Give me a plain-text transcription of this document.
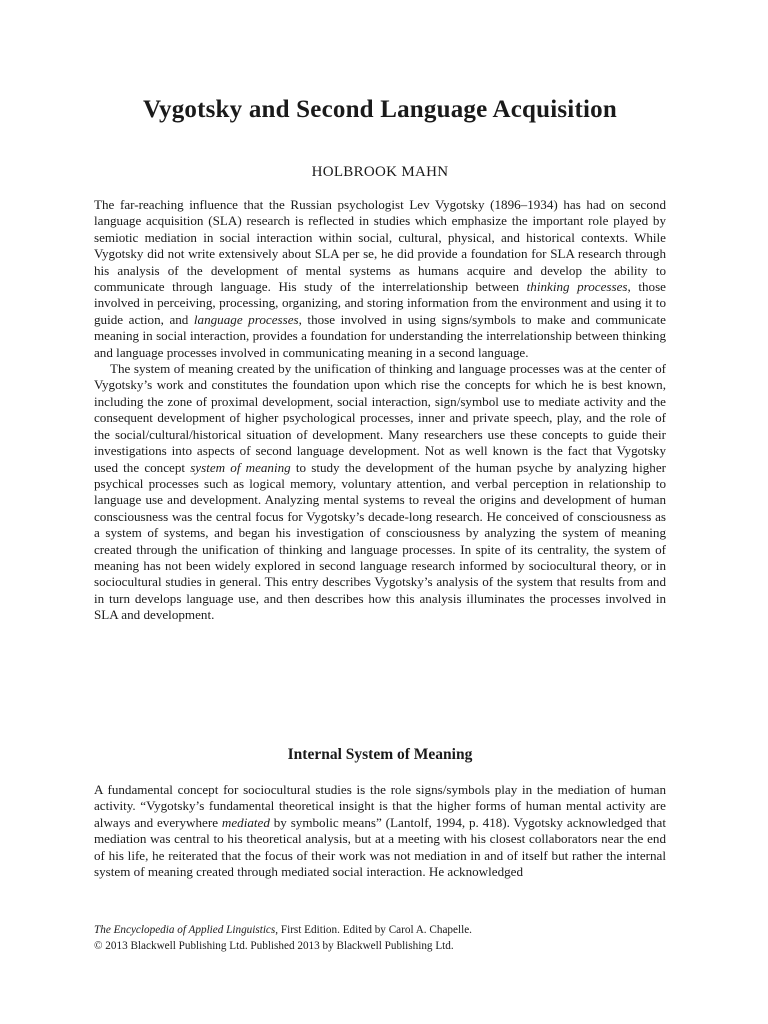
Vygotsky and Second Language Acquisition
HOLBROOK MAHN

The far-reaching influence that the Russian psychologist Lev Vygotsky (1896–1934) has had on second language acquisition (SLA) research is reflected in studies which emphasize the important role played by semiotic mediation in social interaction within social, cultural, physical, and historical contexts. While Vygotsky did not write extensively about SLA per se, he did provide a foundation for SLA research through his analysis of the development of mental systems as humans acquire and develop the ability to communicate through language. His study of the interrelationship between thinking processes, those involved in perceiving, processing, organizing, and storing information from the environment and using it to guide action, and language processes, those involved in using signs/symbols to make and communicate meaning in social interaction, provides a foundation for understanding the interrelationship between thinking and language processes involved in communicating meaning in a second language.

The system of meaning created by the unification of thinking and language processes was at the center of Vygotsky’s work and constitutes the foundation upon which rise the concepts for which he is best known, including the zone of proximal development, social interaction, sign/symbol use to mediate activity and the consequent development of higher psychological processes, inner and private speech, play, and the role of the social/cultural/historical situation of development. Many researchers use these concepts to guide their investigations into aspects of second language development. Not as well known is the fact that Vygotsky used the concept system of meaning to study the development of the human psyche by analyzing higher psychical processes such as logical memory, voluntary attention, and verbal perception in relationship to language use and development. Analyzing mental systems to reveal the origins and development of human consciousness was the central focus for Vygotsky’s decade-long research. He conceived of consciousness as a system of systems, and began his investigation of consciousness by analyzing the system of meaning created through the unification of thinking and language processes. In spite of its centrality, the system of meaning has not been widely explored in second language research informed by sociocultural theory, or in sociocultural studies in general. This entry describes Vygotsky’s analysis of the system that results from and in turn develops language use, and then describes how this analysis illuminates the processes involved in SLA and development.

Internal System of Meaning

A fundamental concept for sociocultural studies is the role signs/symbols play in the mediation of human activity. “Vygotsky’s fundamental theoretical insight is that the higher forms of human mental activity are always and everywhere mediated by symbolic means” (Lantolf, 1994, p. 418). Vygotsky acknowledged that mediation was central to his theoretical analysis, but at a meeting with his closest collaborators near the end of his life, he reiterated that the focus of their work was not mediation in and of itself but rather the internal system of meaning created through mediated social interaction. He acknowledged

The Encyclopedia of Applied Linguistics, First Edition. Edited by Carol A. Chapelle.
© 2013 Blackwell Publishing Ltd. Published 2013 by Blackwell Publishing Ltd.
